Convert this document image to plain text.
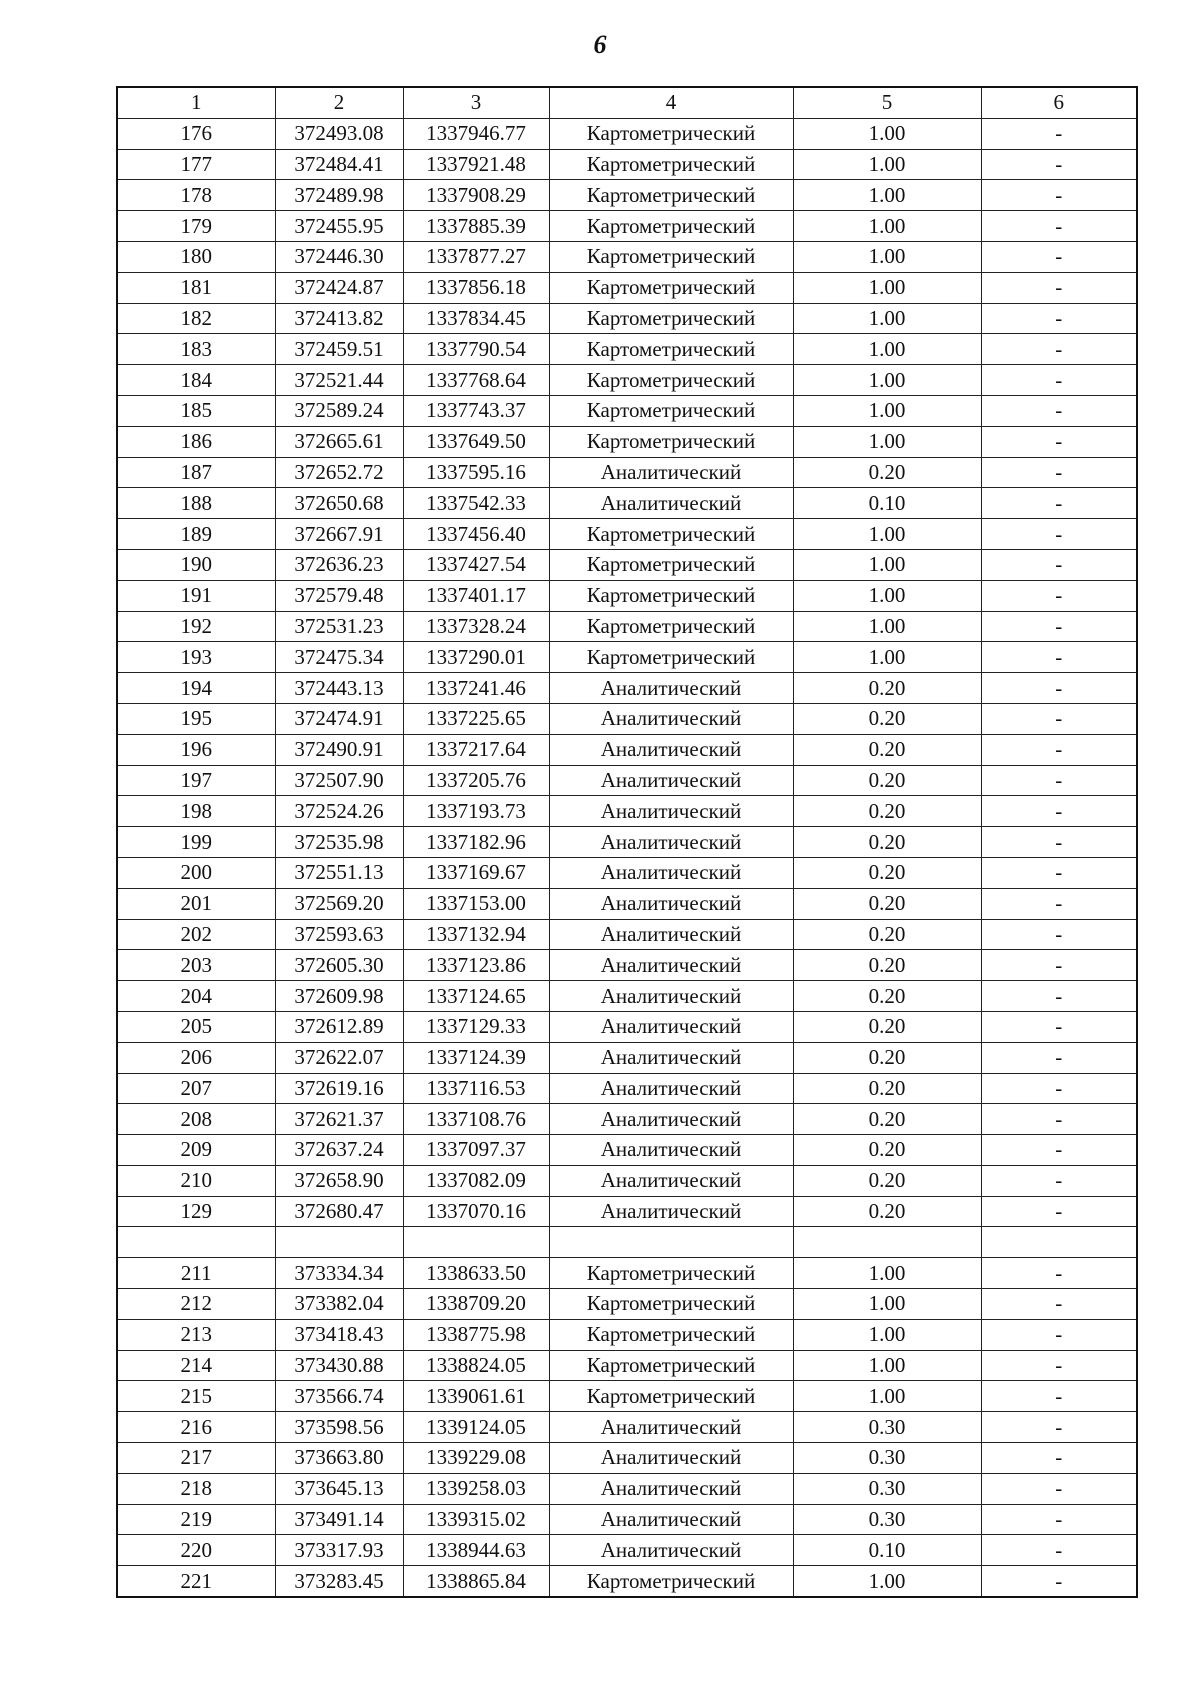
6
1	2	3	4	5	6
176	372493.08	1337946.77	Картометрический	1.00	-
177	372484.41	1337921.48	Картометрический	1.00	-
178	372489.98	1337908.29	Картометрический	1.00	-
179	372455.95	1337885.39	Картометрический	1.00	-
180	372446.30	1337877.27	Картометрический	1.00	-
181	372424.87	1337856.18	Картометрический	1.00	-
182	372413.82	1337834.45	Картометрический	1.00	-
183	372459.51	1337790.54	Картометрический	1.00	-
184	372521.44	1337768.64	Картометрический	1.00	-
185	372589.24	1337743.37	Картометрический	1.00	-
186	372665.61	1337649.50	Картометрический	1.00	-
187	372652.72	1337595.16	Аналитический	0.20	-
188	372650.68	1337542.33	Аналитический	0.10	-
189	372667.91	1337456.40	Картометрический	1.00	-
190	372636.23	1337427.54	Картометрический	1.00	-
191	372579.48	1337401.17	Картометрический	1.00	-
192	372531.23	1337328.24	Картометрический	1.00	-
193	372475.34	1337290.01	Картометрический	1.00	-
194	372443.13	1337241.46	Аналитический	0.20	-
195	372474.91	1337225.65	Аналитический	0.20	-
196	372490.91	1337217.64	Аналитический	0.20	-
197	372507.90	1337205.76	Аналитический	0.20	-
198	372524.26	1337193.73	Аналитический	0.20	-
199	372535.98	1337182.96	Аналитический	0.20	-
200	372551.13	1337169.67	Аналитический	0.20	-
201	372569.20	1337153.00	Аналитический	0.20	-
202	372593.63	1337132.94	Аналитический	0.20	-
203	372605.30	1337123.86	Аналитический	0.20	-
204	372609.98	1337124.65	Аналитический	0.20	-
205	372612.89	1337129.33	Аналитический	0.20	-
206	372622.07	1337124.39	Аналитический	0.20	-
207	372619.16	1337116.53	Аналитический	0.20	-
208	372621.37	1337108.76	Аналитический	0.20	-
209	372637.24	1337097.37	Аналитический	0.20	-
210	372658.90	1337082.09	Аналитический	0.20	-
129	372680.47	1337070.16	Аналитический	0.20	-

211	373334.34	1338633.50	Картометрический	1.00	-
212	373382.04	1338709.20	Картометрический	1.00	-
213	373418.43	1338775.98	Картометрический	1.00	-
214	373430.88	1338824.05	Картометрический	1.00	-
215	373566.74	1339061.61	Картометрический	1.00	-
216	373598.56	1339124.05	Аналитический	0.30	-
217	373663.80	1339229.08	Аналитический	0.30	-
218	373645.13	1339258.03	Аналитический	0.30	-
219	373491.14	1339315.02	Аналитический	0.30	-
220	373317.93	1338944.63	Аналитический	0.10	-
221	373283.45	1338865.84	Картометрический	1.00	-
